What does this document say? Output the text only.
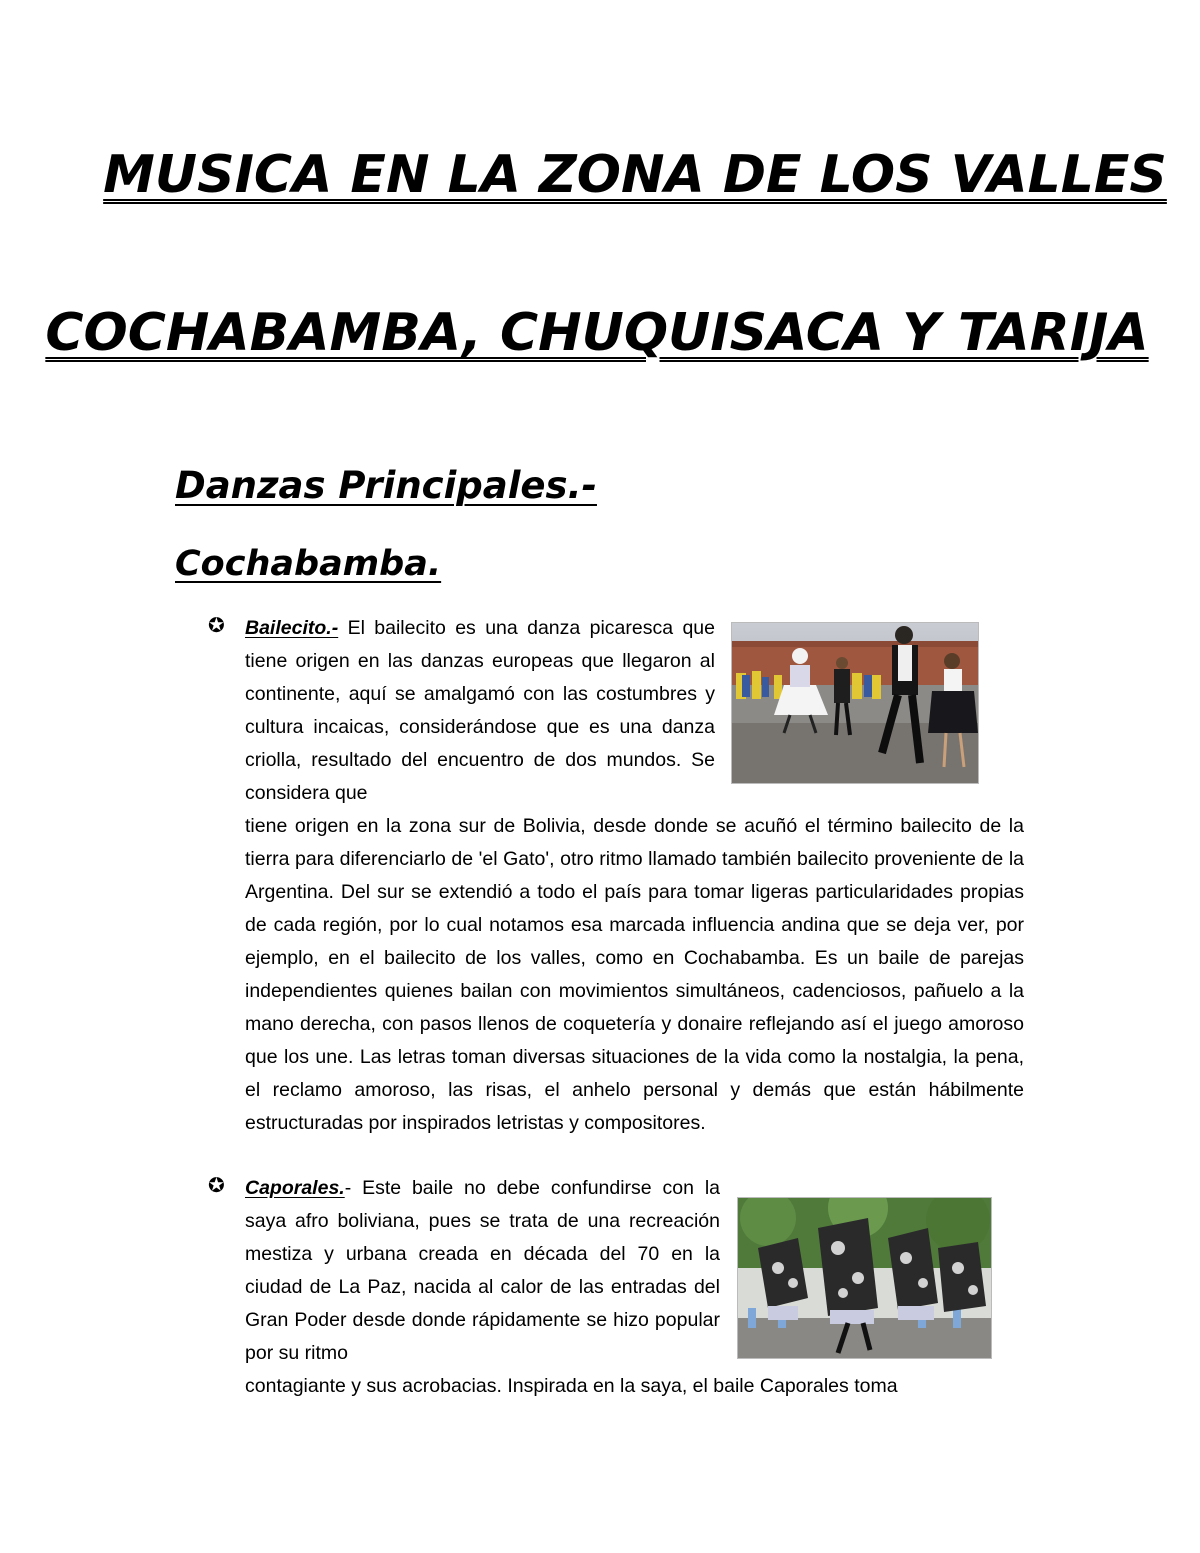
MUSICA EN LA ZONA DE LOS VALLES
COCHABAMBA, CHUQUISACA Y TARIJA
Danzas Principales.-
Cochabamba.
✪ Bailecito.- El bailecito es una danza picaresca que tiene origen en las danzas europeas que llegaron al continente, aquí se amalgamó con las costumbres y cultura incaicas, considerándose que es una danza criolla, resultado del encuentro de dos mundos. Se considera que

tiene origen en la zona sur de Bolivia, desde donde se acuñó el término bailecito de la tierra para diferenciarlo de 'el Gato', otro ritmo llamado también bailecito proveniente de la Argentina. Del sur se extendió a todo el país para tomar ligeras particularidades propias de cada región, por lo cual notamos esa marcada influencia andina que se deja ver, por ejemplo, en el bailecito de los valles, como en Cochabamba. Es un baile de parejas independientes quienes bailan con movimientos simultáneos, cadenciosos, pañuelo a la mano derecha, con pasos llenos de coquetería y donaire reflejando así el juego amoroso que los une. Las letras toman diversas situaciones de la vida como la nostalgia, la pena, el reclamo amoroso, las risas, el anhelo personal y demás que están hábilmente estructuradas por inspirados letristas y compositores.

✪ Caporales.- Este baile no debe confundirse con la saya afro boliviana, pues se trata de una recreación mestiza y urbana creada en década del 70 en la ciudad de La Paz, nacida al calor de las entradas del Gran Poder desde donde rápidamente se hizo popular por su ritmo

contagiante y sus acrobacias. Inspirada en la saya, el baile Caporales toma
